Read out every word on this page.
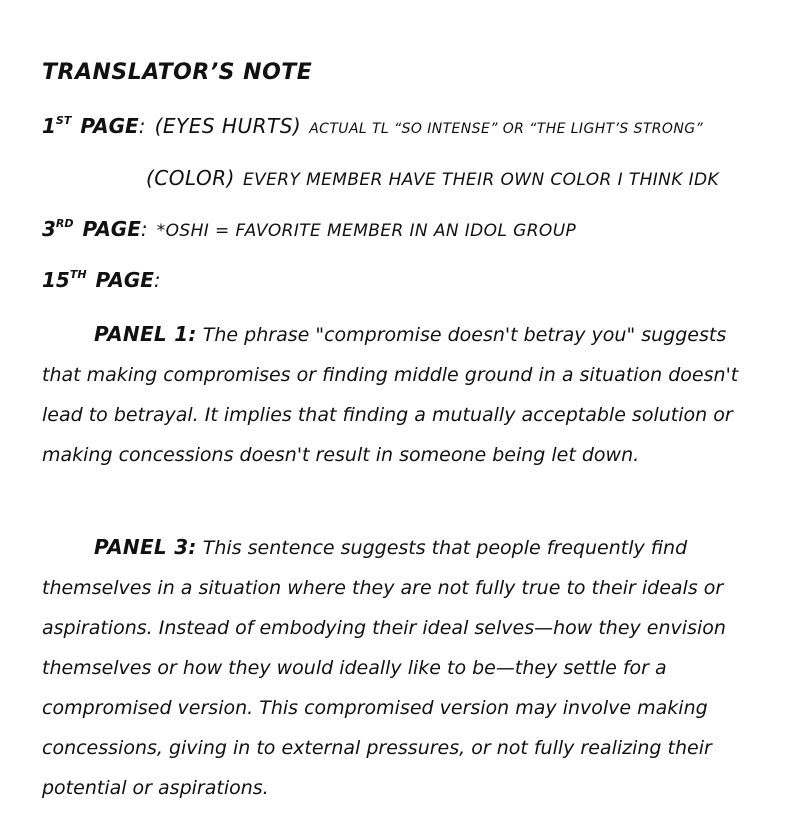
TRANSLATOR’S NOTE
1ST PAGE: (EYES HURTS) ACTUAL TL “SO INTENSE” OR “THE LIGHT’S STRONG”
(COLOR) EVERY MEMBER HAVE THEIR OWN COLOR I THINK IDK
3RD PAGE: *OSHI = FAVORITE MEMBER IN AN IDOL GROUP
15TH PAGE:
PANEL 1: The phrase "compromise doesn't betray you" suggests that making compromises or finding middle ground in a situation doesn't lead to betrayal. It implies that finding a mutually acceptable solution or making concessions doesn't result in someone being let down.
PANEL 3: This sentence suggests that people frequently find themselves in a situation where they are not fully true to their ideals or aspirations. Instead of embodying their ideal selves—how they envision themselves or how they would ideally like to be—they settle for a compromised version. This compromised version may involve making concessions, giving in to external pressures, or not fully realizing their potential or aspirations.
